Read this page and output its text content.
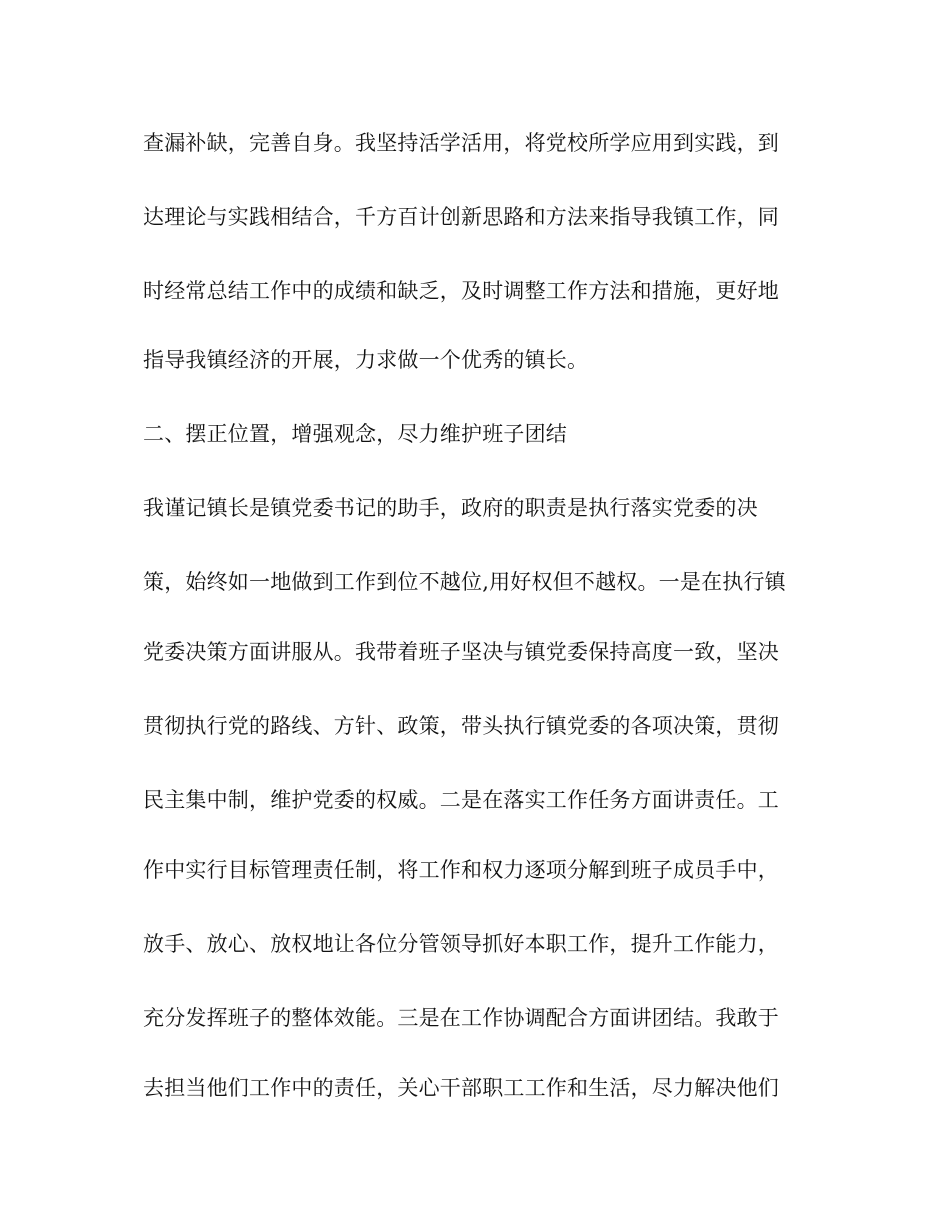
查漏补缺，完善自身。我坚持活学活用，将党校所学应用到实践，到
达理论与实践相结合，千方百计创新思路和方法来指导我镇工作，同
时经常总结工作中的成绩和缺乏，及时调整工作方法和措施，更好地
指导我镇经济的开展，力求做一个优秀的镇长。
二、摆正位置，增强观念，尽力维护班子团结
我谨记镇长是镇党委书记的助手，政府的职责是执行落实党委的决
策，始终如一地做到工作到位不越位,用好权但不越权。一是在执行镇
党委决策方面讲服从。我带着班子坚决与镇党委保持高度一致，坚决
贯彻执行党的路线、方针、政策，带头执行镇党委的各项决策，贯彻
民主集中制，维护党委的权威。二是在落实工作任务方面讲责任。工
作中实行目标管理责任制，将工作和权力逐项分解到班子成员手中，
放手、放心、放权地让各位分管领导抓好本职工作，提升工作能力，
充分发挥班子的整体效能。三是在工作协调配合方面讲团结。我敢于
去担当他们工作中的责任，关心干部职工工作和生活，尽力解决他们
